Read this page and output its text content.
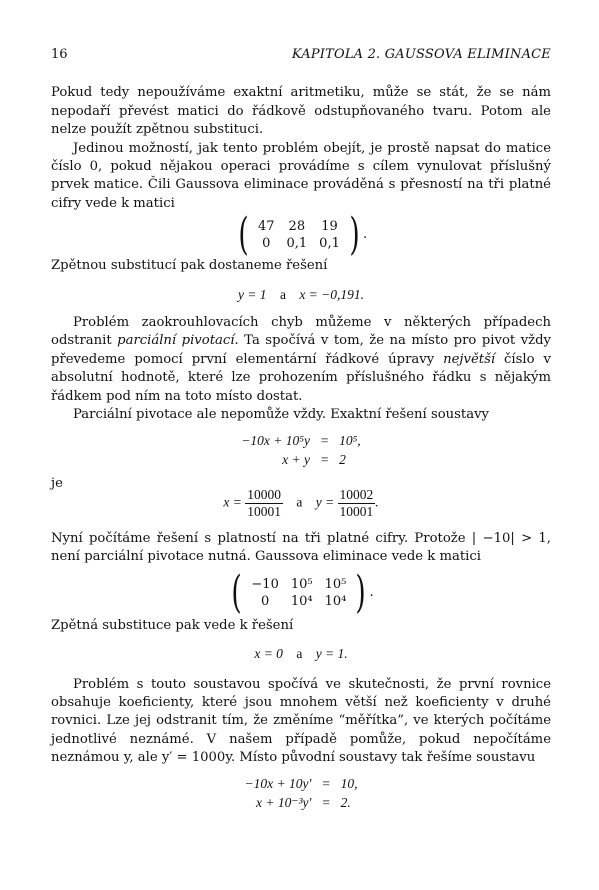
16	KAPITOLA 2. GAUSSOVA ELIMINACE

Pokud tedy nepoužíváme exaktní aritmetiku, může se stát, že se nám nepodaří převést matici do řádkově odstupňovaného tvaru. Potom ale nelze použít zpětnou substituci.

Jedinou možností, jak tento problém obejít, je prostě napsat do matice číslo 0, pokud nějakou operaci provádíme s cílem vynulovat příslušný prvek matice. Čili Gaussova eliminace prováděná s přesností na tři platné cifry vede k matici

( 47	28	19
0	0,1	0,1 ) .

Zpětnou substitucí pak dostaneme řešení

y = 1 a x = −0,191.

Problém zaokrouhlovacích chyb můžeme v některých případech odstranit parciální pivotací. Ta spočívá v tom, že na místo pro pivot vždy převedeme pomocí první elementární řádkové úpravy největší číslo v absolutní hodnotě, které lze prohozením příslušného řádku s nějakým řádkem pod ním na toto místo dostat.

Parciální pivotace ale nepomůže vždy. Exaktní řešení soustavy

−10x + 10⁵y	=	10⁵,
x + y	=	2

je

$x = \frac{10000}{10001}$ a $y = \frac{10002}{10001}$ .

Nyní počítáme řešení s platností na tři platné cifry. Protože | −10| > 1, není parciální pivotace nutná. Gaussova eliminace vede k matici

( −10	10⁵	10⁵
0	10⁴	10⁴ ) .

Zpětná substituce pak vede k řešení

x = 0 a y = 1.

Problém s touto soustavou spočívá ve skutečnosti, že první rovnice obsahuje koeficienty, které jsou mnohem větší než koeficienty v druhé rovnici. Lze jej odstranit tím, že změníme “měřítka”, ve kterých počítáme jednotlivé neznámé. V našem případě pomůže, pokud nepočítáme neznámou y, ale y′ = 1000y. Místo původní soustavy tak řešíme soustavu

−10x + 10y′	=	10,
x + 10⁻³y′	=	2.
